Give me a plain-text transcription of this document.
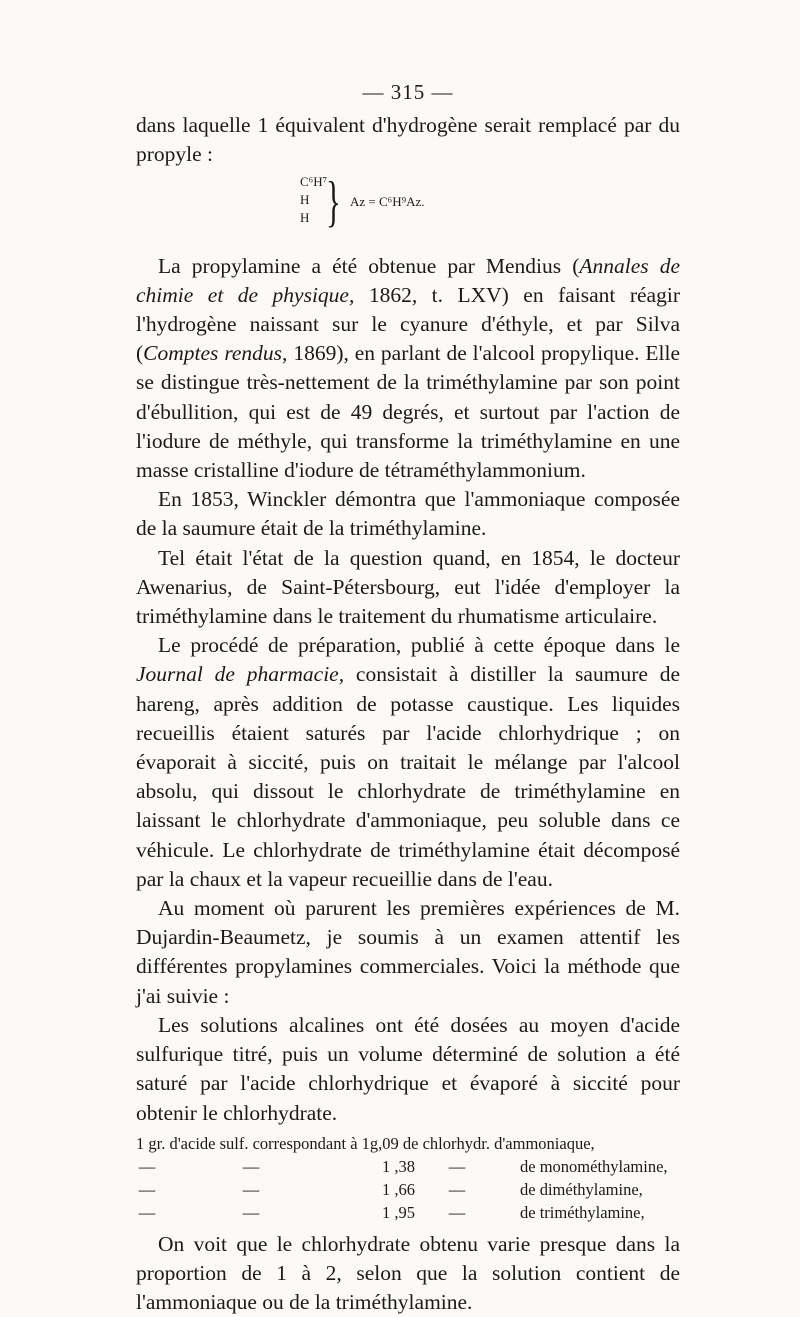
— 315 —

dans laquelle 1 équivalent d'hydrogène serait remplacé par du propyle :

C⁶H⁷
H
H } Az = C⁶H⁹Az.

La propylamine a été obtenue par Mendius (Annales de chimie et de physique, 1862, t. LXV) en faisant réagir l'hydrogène naissant sur le cyanure d'éthyle, et par Silva (Comptes rendus, 1869), en parlant de l'alcool propylique. Elle se distingue très-nettement de la triméthylamine par son point d'ébullition, qui est de 49 degrés, et surtout par l'action de l'iodure de méthyle, qui transforme la triméthylamine en une masse cristalline d'iodure de tétraméthylammonium.

En 1853, Winckler démontra que l'ammoniaque composée de la saumure était de la triméthylamine.

Tel était l'état de la question quand, en 1854, le docteur Awenarius, de Saint-Pétersbourg, eut l'idée d'employer la triméthylamine dans le traitement du rhumatisme articulaire.

Le procédé de préparation, publié à cette époque dans le Journal de pharmacie, consistait à distiller la saumure de hareng, après addition de potasse caustique. Les liquides recueillis étaient saturés par l'acide chlorhydrique ; on évaporait à siccité, puis on traitait le mélange par l'alcool absolu, qui dissout le chlorhydrate de triméthylamine en laissant le chlorhydrate d'ammoniaque, peu soluble dans ce véhicule. Le chlorhydrate de triméthylamine était décomposé par la chaux et la vapeur recueillie dans de l'eau.

Au moment où parurent les premières expériences de M. Dujardin-Beaumetz, je soumis à un examen attentif les différentes propylamines commerciales. Voici la méthode que j'ai suivie :

Les solutions alcalines ont été dosées au moyen d'acide sulfurique titré, puis un volume déterminé de solution a été saturé par l'acide chlorhydrique et évaporé à siccité pour obtenir le chlorhydrate.

1 gr. d'acide sulf. correspondant à 1g,09 de chlorhydr. d'ammoniaque,
—	—	1 ,38 —	de monométhylamine,
—	—	1 ,66 —	de diméthylamine,
—	—	1 ,95 —	de triméthylamine,

On voit que le chlorhydrate obtenu varie presque dans la proportion de 1 à 2, selon que la solution contient de l'ammoniaque ou de la triméthylamine.
